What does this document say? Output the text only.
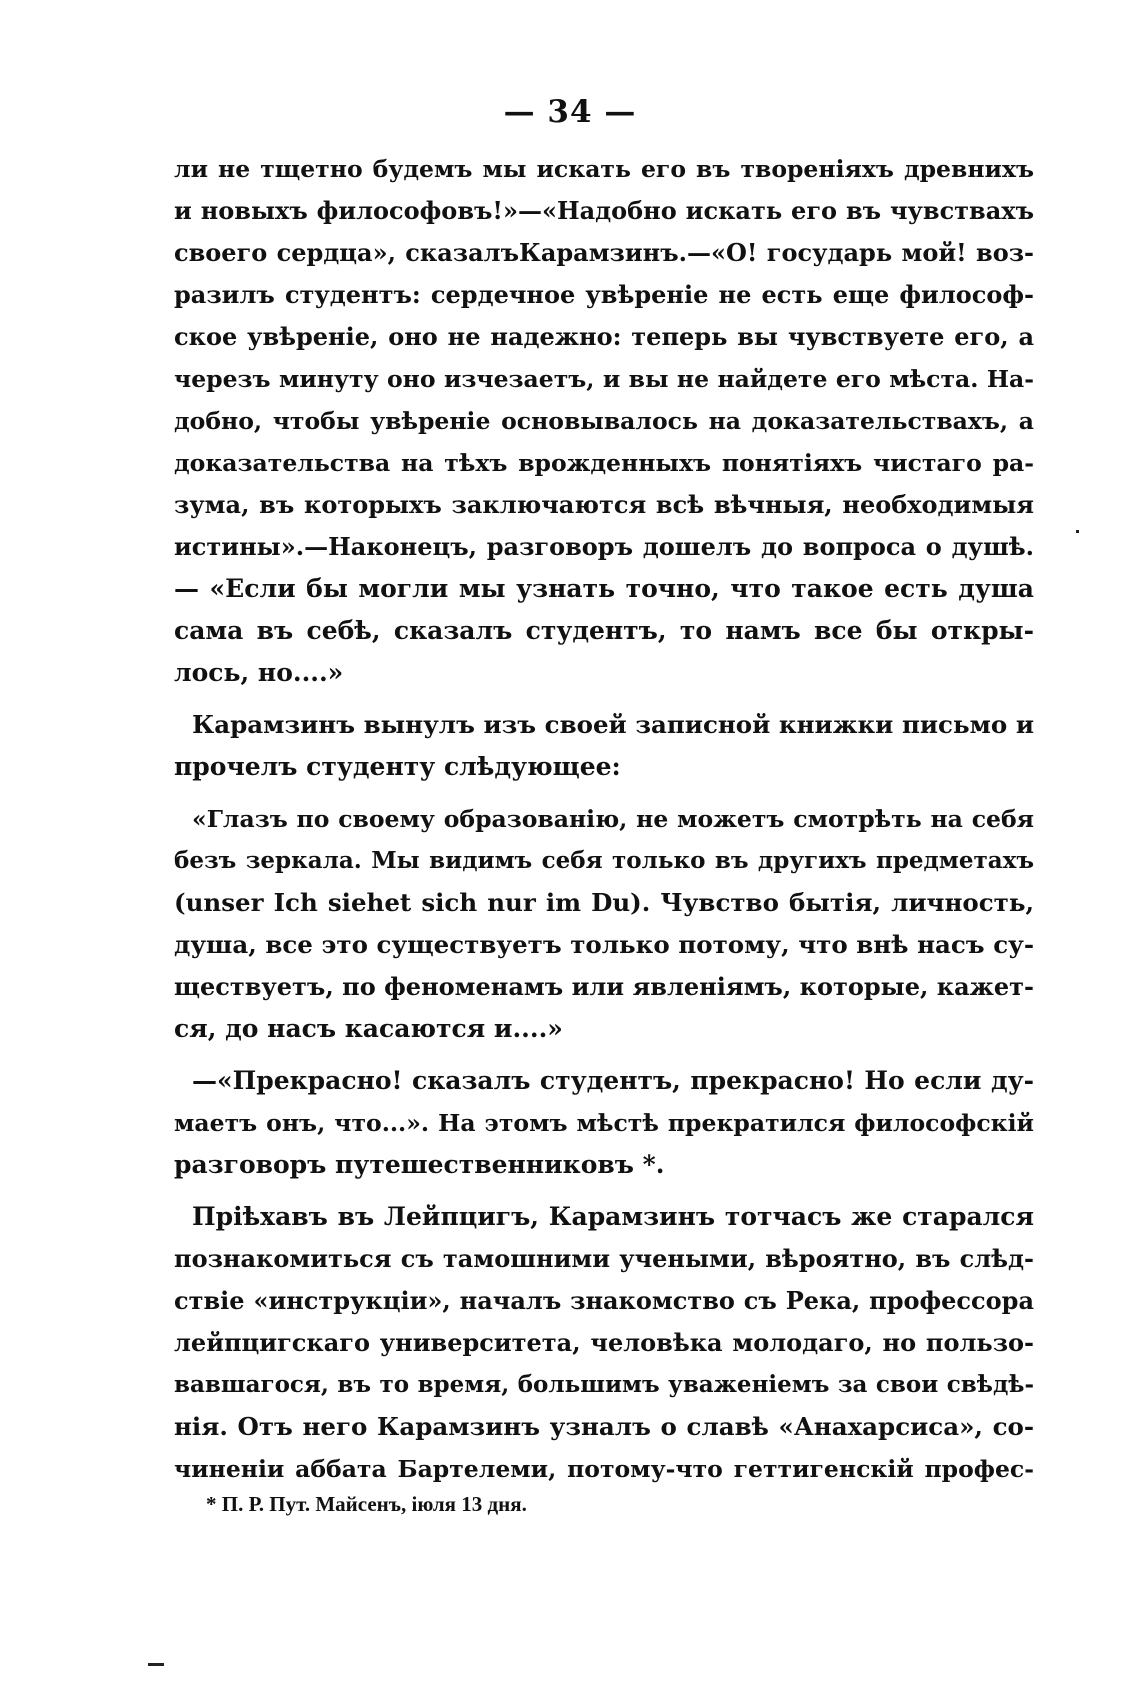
— 34 —
ли не тщетно будемъ мы искать его въ твореніяхъ древнихъ
и новыхъ философовъ!»—«Надобно искать его въ чувствахъ
своего сердца», сказалъКарамзинъ.—«О! государь мой! воз-
разилъ студентъ: сердечное увѣреніе не есть еще философ-
ское увѣреніе, оно не надежно: теперь вы чувствуете его, а
черезъ минуту оно изчезаетъ, и вы не найдете его мѣста. На-
добно, чтобы увѣреніе основывалось на доказательствахъ, а
доказательства на тѣхъ врожденныхъ понятіяхъ чистаго ра-
зума, въ которыхъ заключаются всѣ вѣчныя, необходимыя
истины».—Наконецъ, разговоръ дошелъ до вопроса о душѣ.
— «Если бы могли мы узнать точно, что такое есть душа
сама въ себѣ, сказалъ студентъ, то намъ все бы откры-
лось, но....»
Карамзинъ вынулъ изъ своей записной книжки письмо и
прочелъ студенту слѣдующее:
«Глазъ по своему образованію, не можетъ смотрѣть на себя
безъ зеркала. Мы видимъ себя только въ другихъ предметахъ
(unser Ich siehet sich nur im Du). Чувство бытія, личность,
душа, все это существуетъ только потому, что внѣ насъ су-
ществуетъ, по феноменамъ или явленіямъ, которые, кажет-
ся, до насъ касаются и....»
—«Прекрасно! сказалъ студентъ, прекрасно! Но если ду-
маетъ онъ, что...». На этомъ мѣстѣ прекратился философскій
разговоръ путешественниковъ *.
Пріѣхавъ въ Лейпцигъ, Карамзинъ тотчасъ же старался
познакомиться съ тамошними учеными, вѣроятно, въ слѣд-
ствіе «инструкціи», началъ знакомство съ Река, профессора
лейпцигскаго университета, человѣка молодаго, но пользо-
вавшагося, въ то время, большимъ уваженіемъ за свои свѣдѣ-
нія. Отъ него Карамзинъ узналъ о славѣ «Анахарсиса», со-
чиненіи аббата Бартелеми, потому-что геттигенскій профес-
* П. Р. Пут. Майсенъ, іюля 13 дня.
